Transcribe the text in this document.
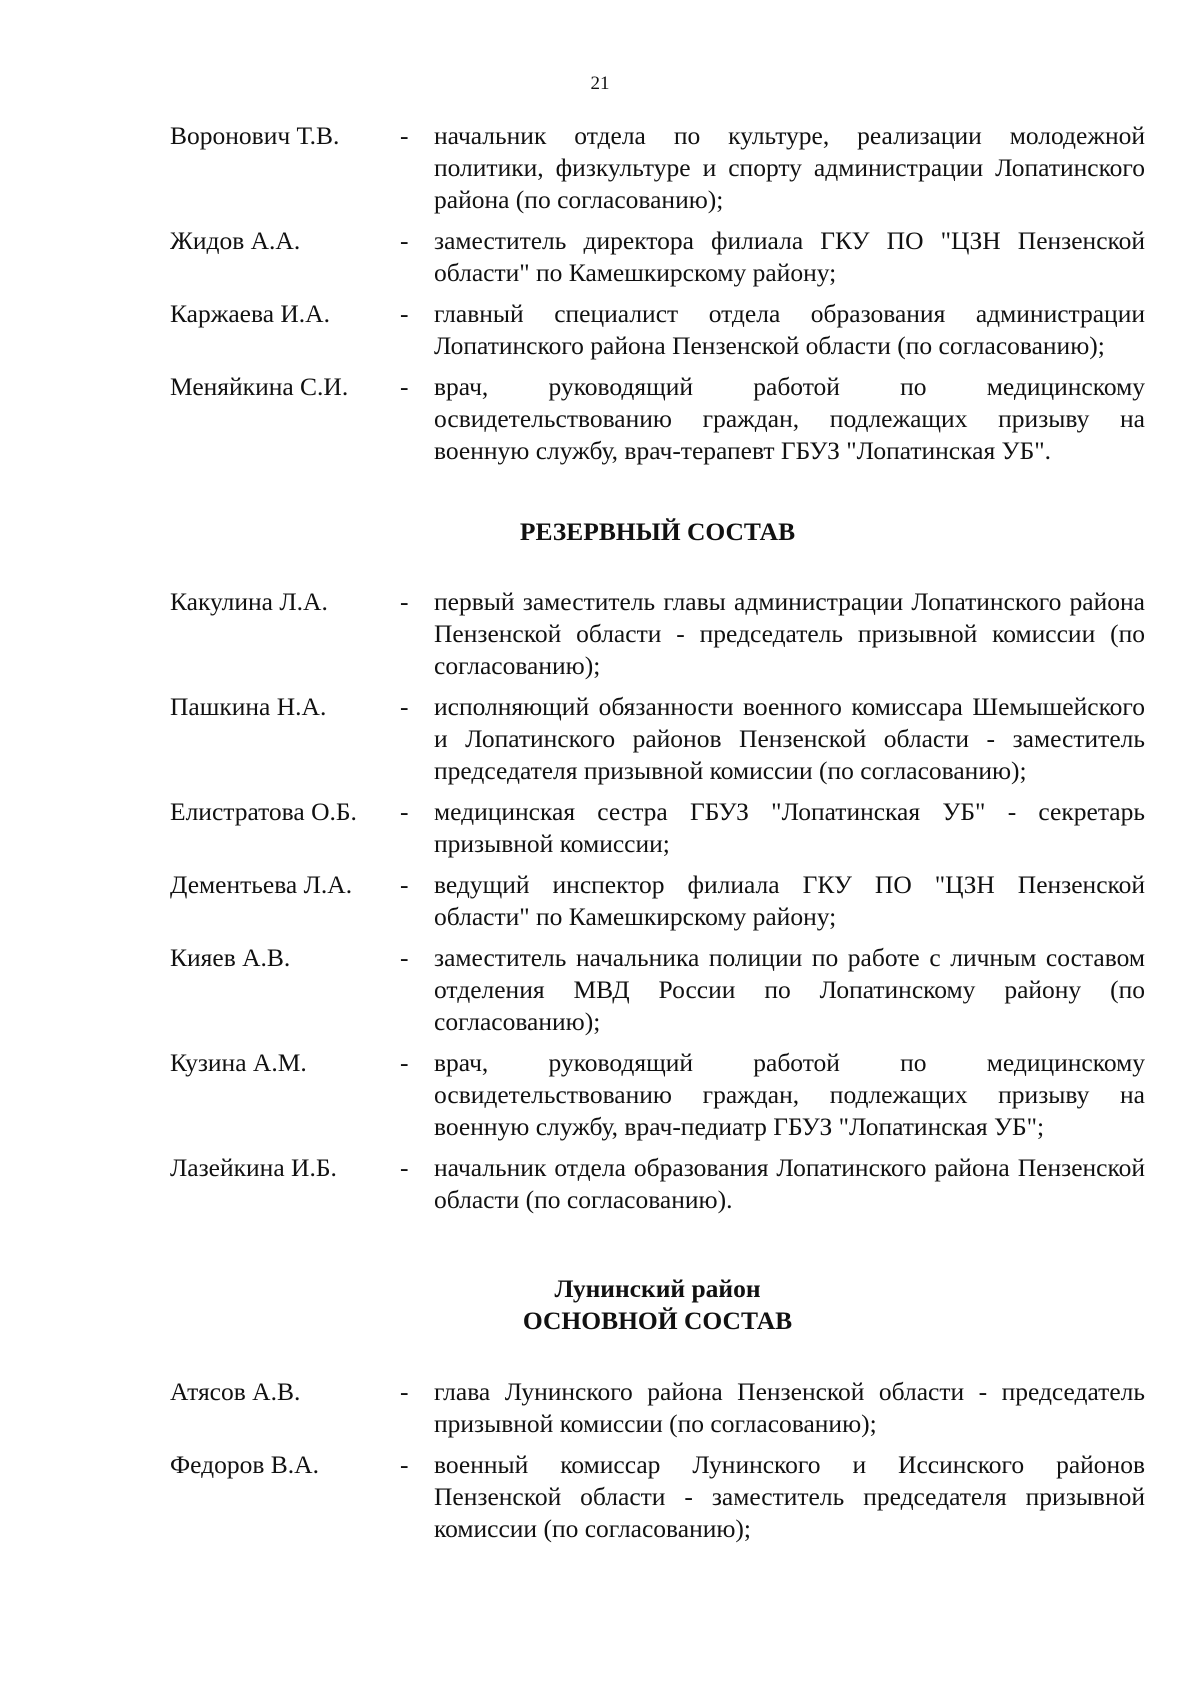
21
Воронович Т.В.	-	начальник отдела по культуре, реализации молодежной политики, физкультуре и спорту администрации Лопатинского района (по согласованию);
Жидов А.А.	-	заместитель директора филиала ГКУ ПО "ЦЗН Пензенской области" по Камешкирскому району;
Каржаева И.А.	-	главный специалист отдела образования администрации Лопатинского района Пензенской области (по согласованию);
Меняйкина С.И.	-	врач, руководящий работой по медицинскому освидетельствованию граждан, подлежащих призыву на военную службу, врач-терапевт ГБУЗ "Лопатинская УБ".
РЕЗЕРВНЫЙ СОСТАВ
Какулина Л.А.	-	первый заместитель главы администрации Лопатинского района Пензенской области - председатель призывной комиссии (по согласованию);
Пашкина Н.А.	-	исполняющий обязанности военного комиссара Шемышейского и Лопатинского районов Пензенской области - заместитель председателя призывной комиссии (по согласованию);
Елистратова О.Б.	-	медицинская сестра ГБУЗ "Лопатинская УБ" - секретарь призывной комиссии;
Дементьева Л.А.	-	ведущий инспектор филиала ГКУ ПО "ЦЗН Пензенской области" по Камешкирскому району;
Кияев А.В.	-	заместитель начальника полиции по работе с личным составом отделения МВД России по Лопатинскому району (по согласованию);
Кузина А.М.	-	врач, руководящий работой по медицинскому освидетельствованию граждан, подлежащих призыву на военную службу, врач-педиатр ГБУЗ "Лопатинская УБ";
Лазейкина И.Б.	-	начальник отдела образования Лопатинского района Пензенской области (по согласованию).
Лунинский район
ОСНОВНОЙ СОСТАВ
Атясов А.В.	-	глава Лунинского района Пензенской области - председатель призывной комиссии (по согласованию);
Федоров В.А.	-	военный комиссар Лунинского и Иссинского районов Пензенской области - заместитель председателя призывной комиссии (по согласованию);
